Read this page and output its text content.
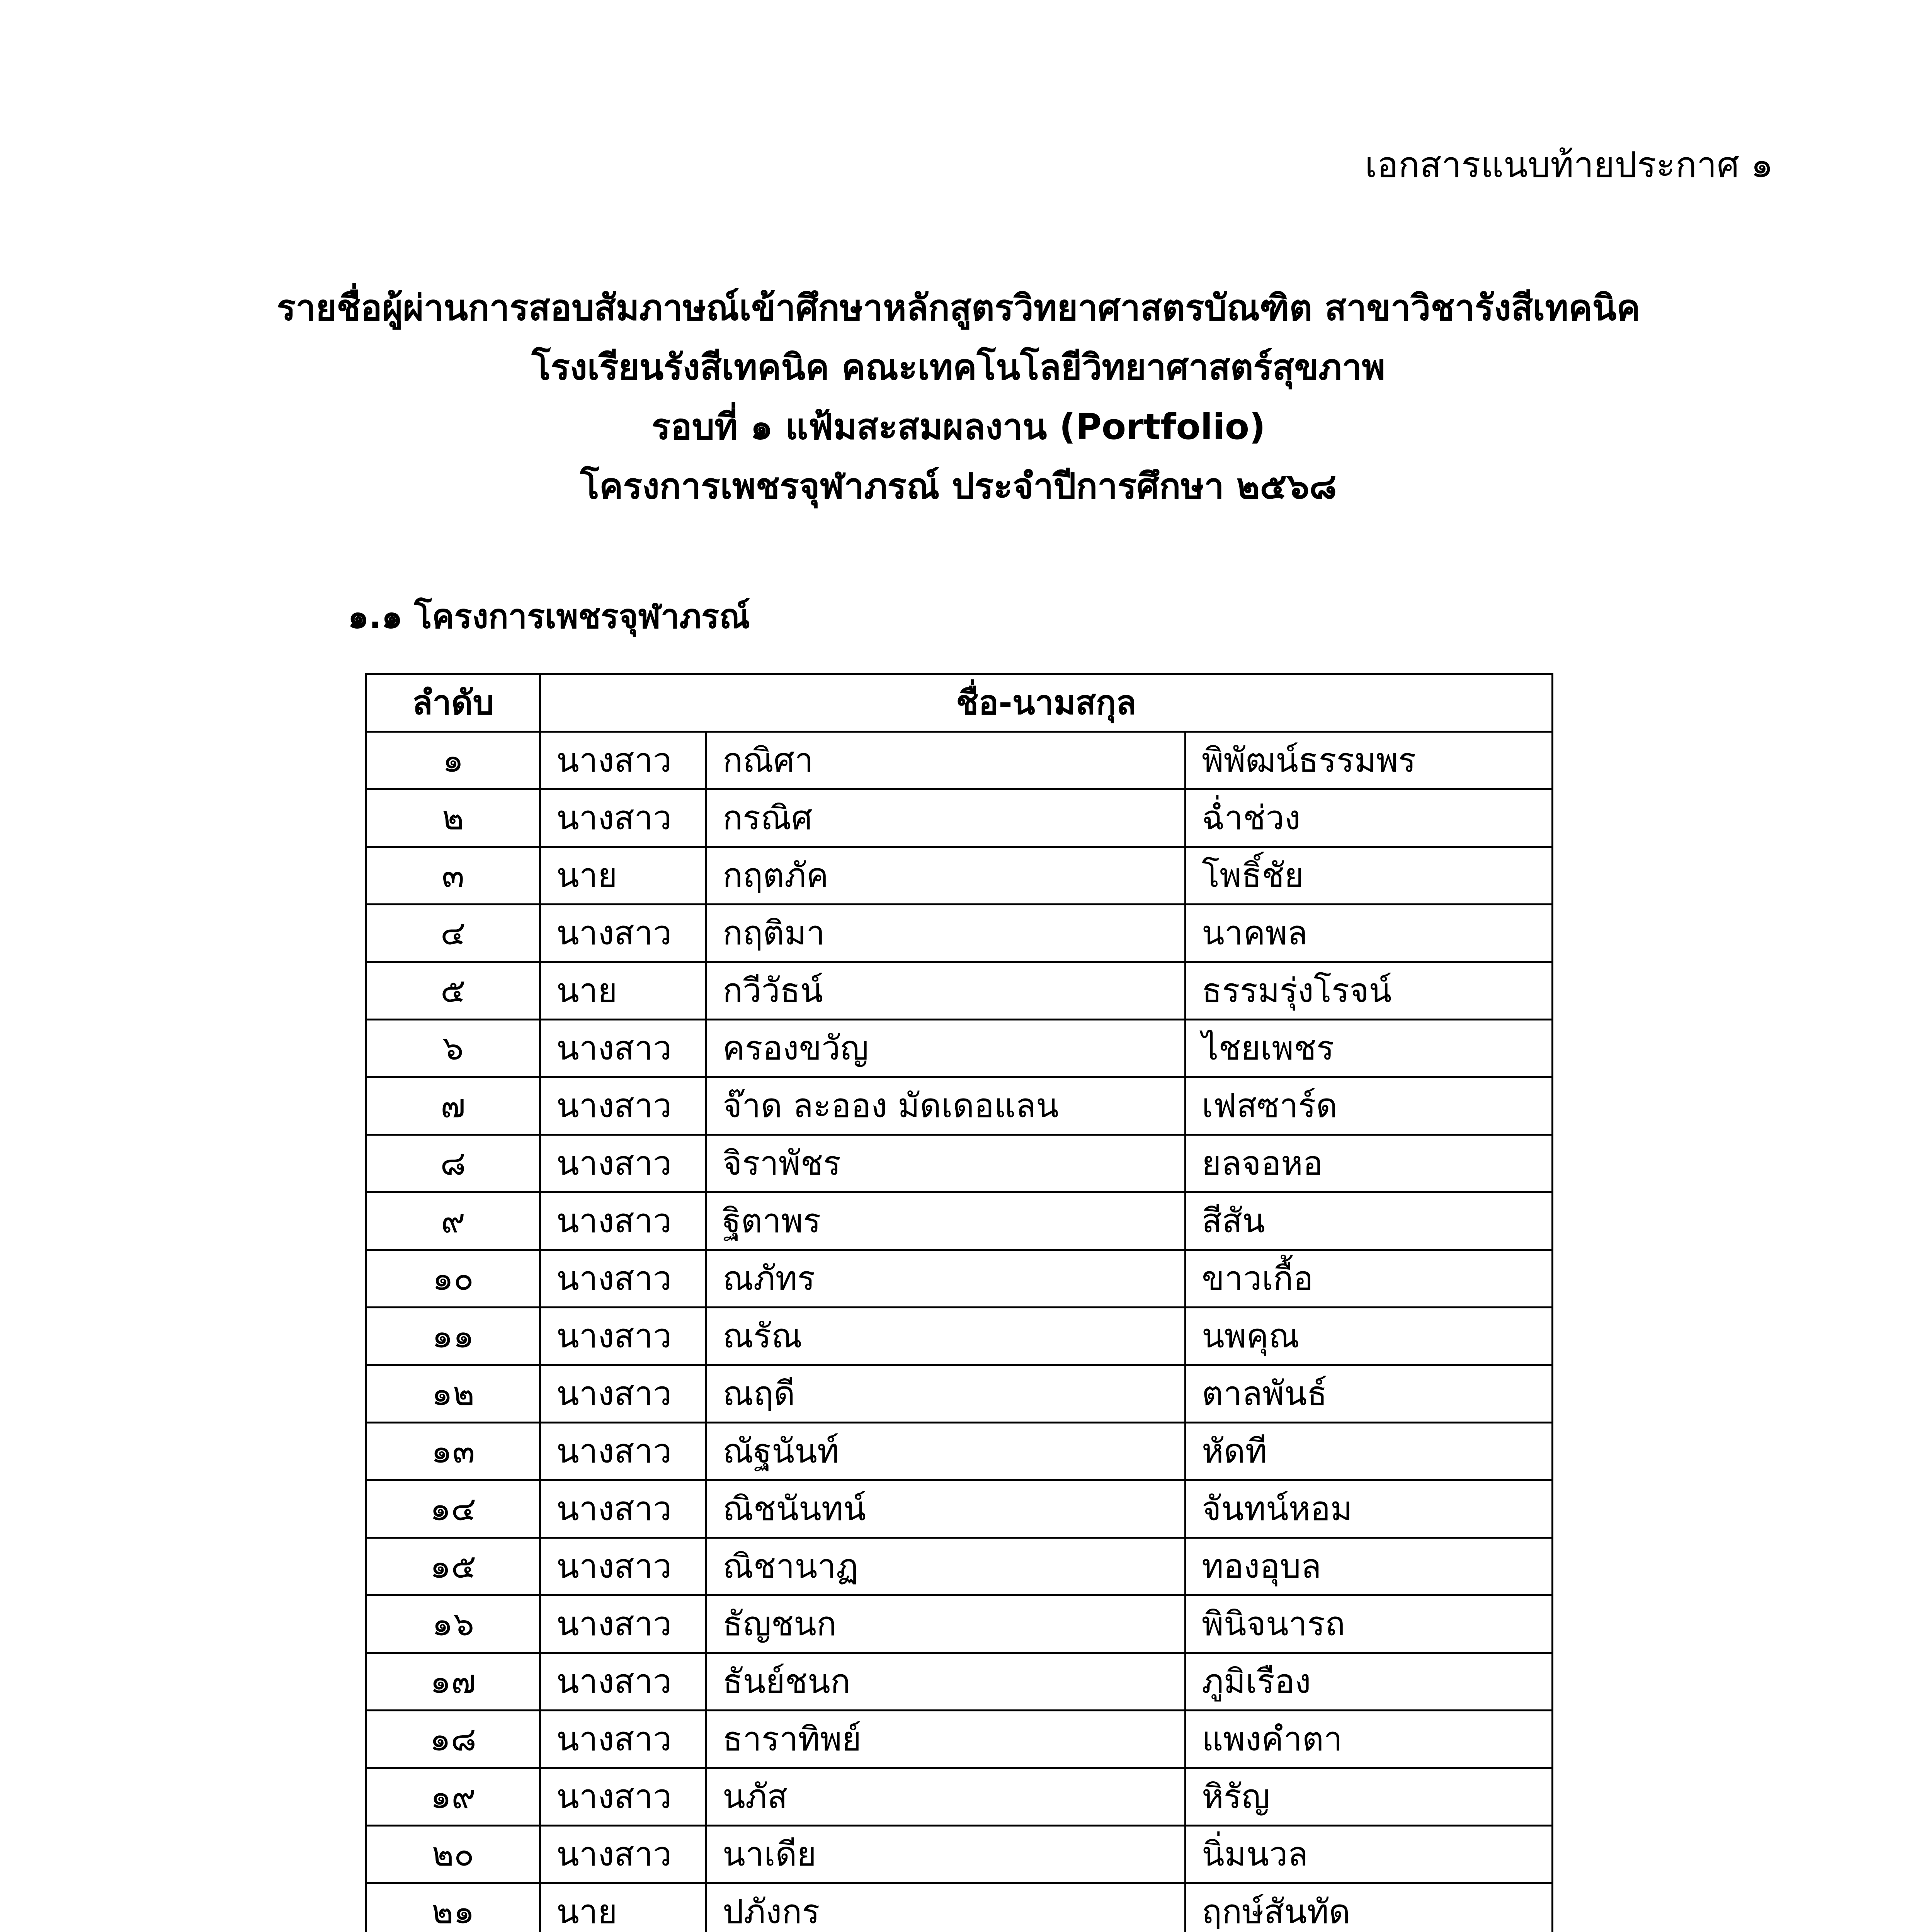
เอกสารแนบท้ายประกาศ ๑
รายชื่อผู้ผ่านการสอบสัมภาษณ์เข้าศึกษาหลักสูตรวิทยาศาสตรบัณฑิต สาขาวิชารังสีเทคนิค
โรงเรียนรังสีเทคนิค คณะเทคโนโลยีวิทยาศาสตร์สุขภาพ
รอบที่ ๑ แฟ้มสะสมผลงาน (Portfolio)
โครงการเพชรจุฬาภรณ์ ประจำปีการศึกษา ๒๕๖๘
๑.๑ โครงการเพชรจุฬาภรณ์
ลำดับ	ชื่อ-นามสกุล		
๑	นางสาว	กณิศา	พิพัฒน์ธรรมพร
๒	นางสาว	กรณิศ	ฉ่ำช่วง
๓	นาย	กฤตภัค	โพธิ์ชัย
๔	นางสาว	กฤติมา	นาคพล
๕	นาย	กวีวัธน์	ธรรมรุ่งโรจน์
๖	นางสาว	ครองขวัญ	ไชยเพชร
๗	นางสาว	จ๊าด ละออง มัดเดอแลน	เฟสซาร์ด
๘	นางสาว	จิราพัชร	ยลจอหอ
๙	นางสาว	ฐิตาพร	สีสัน
๑๐	นางสาว	ณภัทร	ขาวเกื้อ
๑๑	นางสาว	ณรัณ	นพคุณ
๑๒	นางสาว	ณฤดี	ตาลพันธ์
๑๓	นางสาว	ณัฐนันท์	หัดที
๑๔	นางสาว	ณิชนันทน์	จันทน์หอม
๑๕	นางสาว	ณิชานาฏ	ทองอุบล
๑๖	นางสาว	ธัญชนก	พินิจนารถ
๑๗	นางสาว	ธันย์ชนก	ภูมิเรือง
๑๘	นางสาว	ธาราทิพย์	แพงคำตา
๑๙	นางสาว	นภัส	หิรัญ
๒๐	นางสาว	นาเดีย	นิ่มนวล
๒๑	นาย	ปภังกร	ฤกษ์สันทัด
